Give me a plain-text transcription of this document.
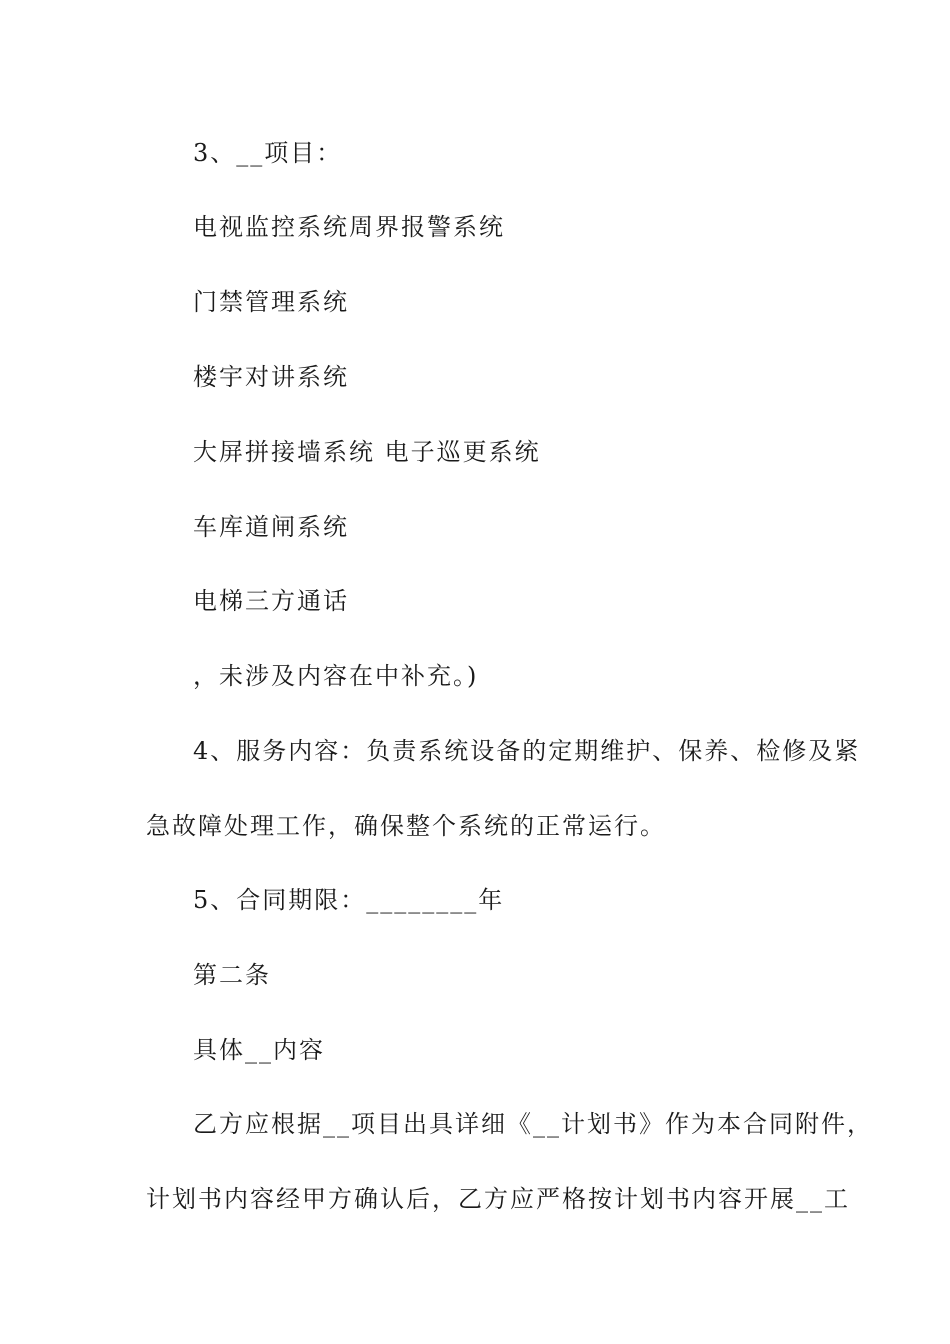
3、__项目：
电视监控系统周界报警系统
门禁管理系统
楼宇对讲系统
大屏拼接墙系统 电子巡更系统
车库道闸系统
电梯三方通话
，未涉及内容在中补充。)
4、服务内容：负责系统设备的定期维护、保养、检修及紧
急故障处理工作，确保整个系统的正常运行。
5、合同期限：________年
第二条
具体__内容
乙方应根据__项目出具详细《__计划书》作为本合同附件，
计划书内容经甲方确认后，乙方应严格按计划书内容开展__工
